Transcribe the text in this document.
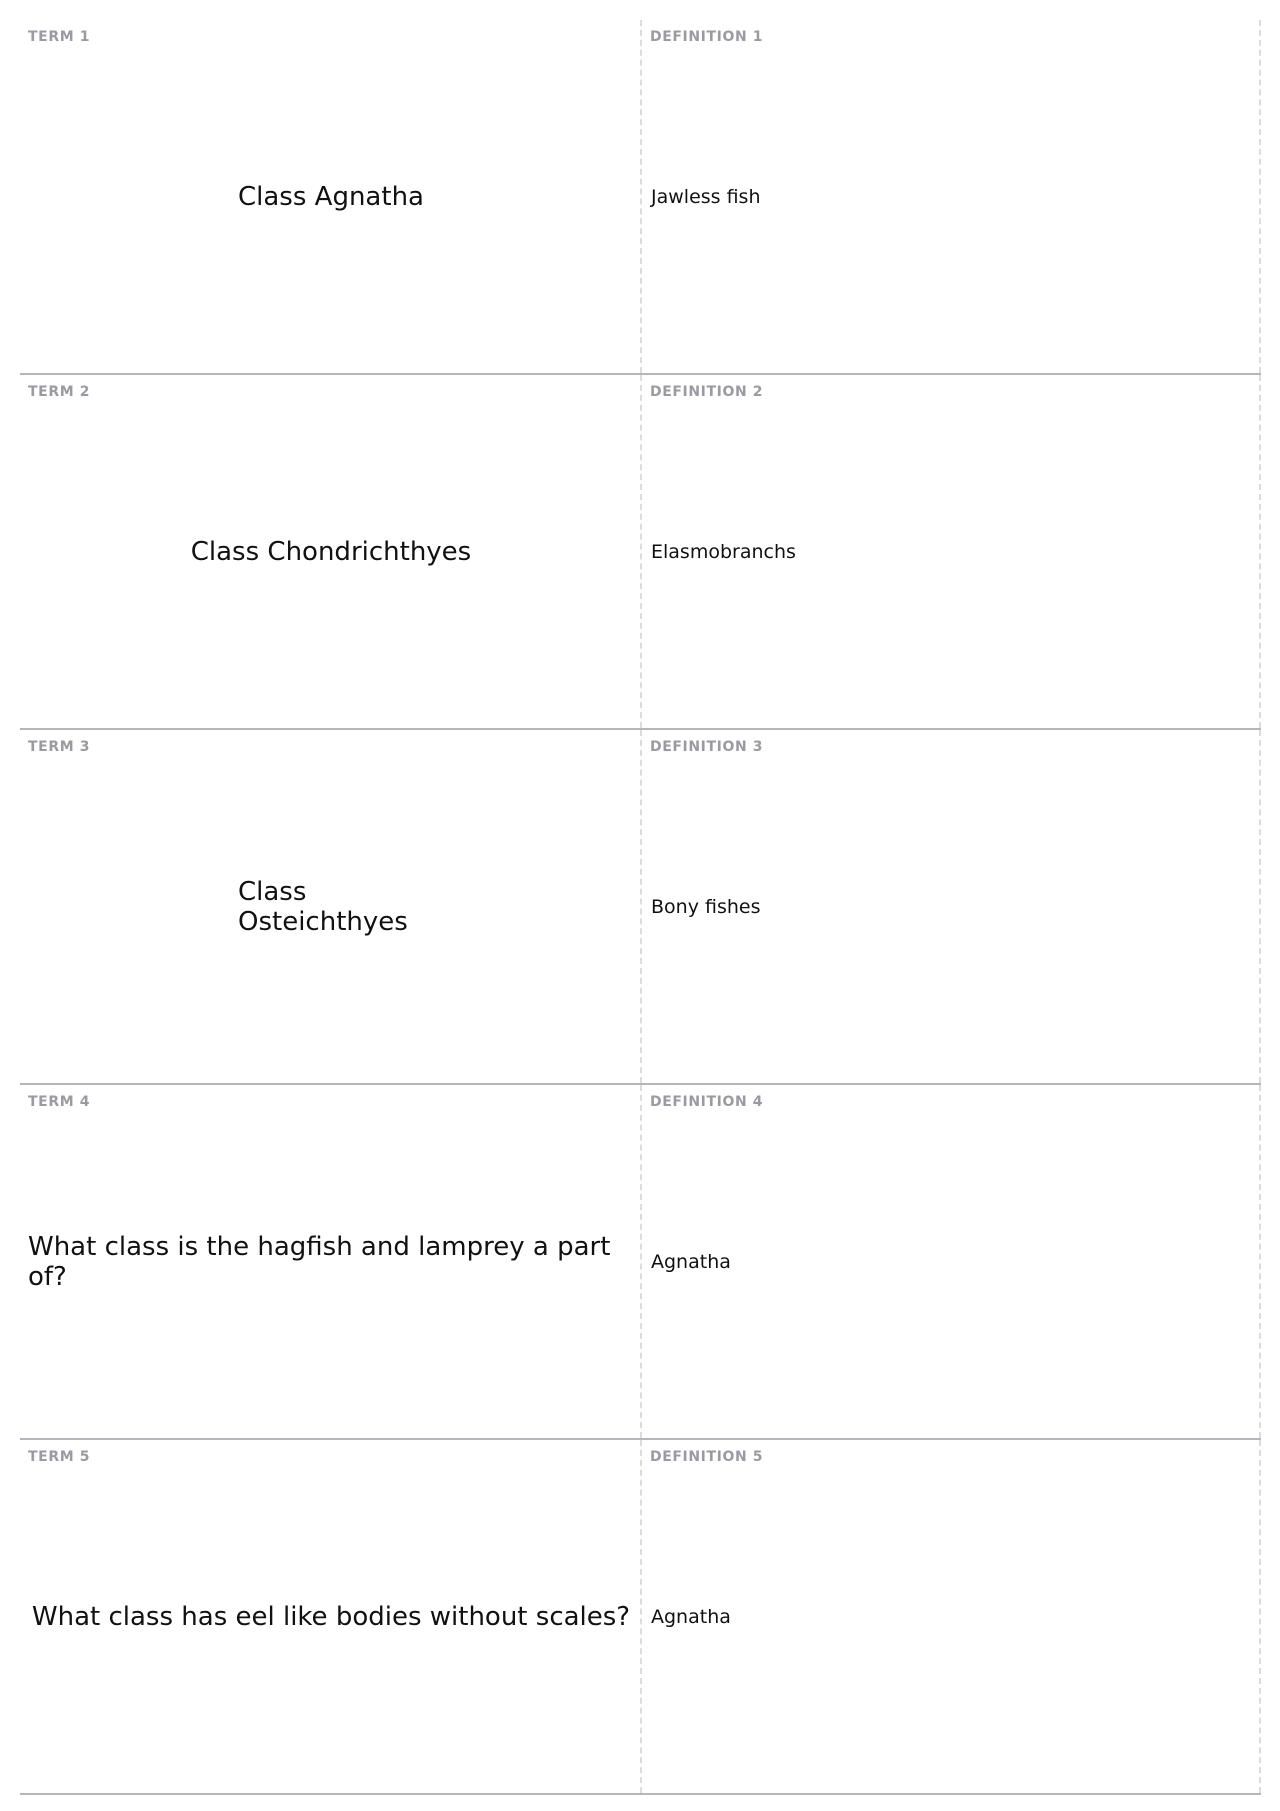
TERM 1
Class Agnatha
DEFINITION 1
Jawless fish
TERM 2
Class Chondrichthyes
DEFINITION 2
Elasmobranchs
TERM 3
Class Osteichthyes
DEFINITION 3
Bony fishes
TERM 4
What class is the hagfish and lamprey a part of?
DEFINITION 4
Agnatha
TERM 5
What class has eel like bodies without scales?
DEFINITION 5
Agnatha
